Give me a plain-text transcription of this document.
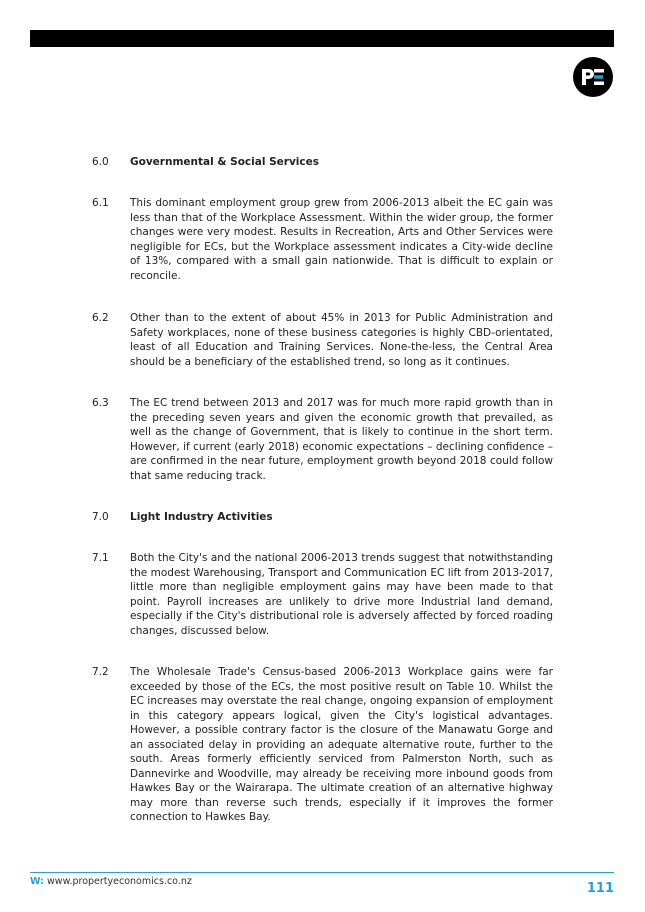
6.0 Governmental & Social Services
6.1 This dominant employment group grew from 2006-2013 albeit the EC gain was less than that of the Workplace Assessment. Within the wider group, the former changes were very modest. Results in Recreation, Arts and Other Services were negligible for ECs, but the Workplace assessment indicates a City-wide decline of 13%, compared with a small gain nationwide. That is difficult to explain or reconcile.
6.2 Other than to the extent of about 45% in 2013 for Public Administration and Safety workplaces, none of these business categories is highly CBD-orientated, least of all Education and Training Services. None-the-less, the Central Area should be a beneficiary of the established trend, so long as it continues.
6.3 The EC trend between 2013 and 2017 was for much more rapid growth than in the preceding seven years and given the economic growth that prevailed, as well as the change of Government, that is likely to continue in the short term. However, if current (early 2018) economic expectations – declining confidence – are confirmed in the near future, employment growth beyond 2018 could follow that same reducing track.
7.0 Light Industry Activities
7.1 Both the City's and the national 2006-2013 trends suggest that notwithstanding the modest Warehousing, Transport and Communication EC lift from 2013-2017, little more than negligible employment gains may have been made to that point. Payroll increases are unlikely to drive more Industrial land demand, especially if the City's distributional role is adversely affected by forced roading changes, discussed below.
7.2 The Wholesale Trade's Census-based 2006-2013 Workplace gains were far exceeded by those of the ECs, the most positive result on Table 10. Whilst the EC increases may overstate the real change, ongoing expansion of employment in this category appears logical, given the City's logistical advantages. However, a possible contrary factor is the closure of the Manawatu Gorge and an associated delay in providing an adequate alternative route, further to the south. Areas formerly efficiently serviced from Palmerston North, such as Dannevirke and Woodville, may already be receiving more inbound goods from Hawkes Bay or the Wairarapa. The ultimate creation of an alternative highway may more than reverse such trends, especially if it improves the former connection to Hawkes Bay.
W: www.propertyeconomics.co.nz	111
